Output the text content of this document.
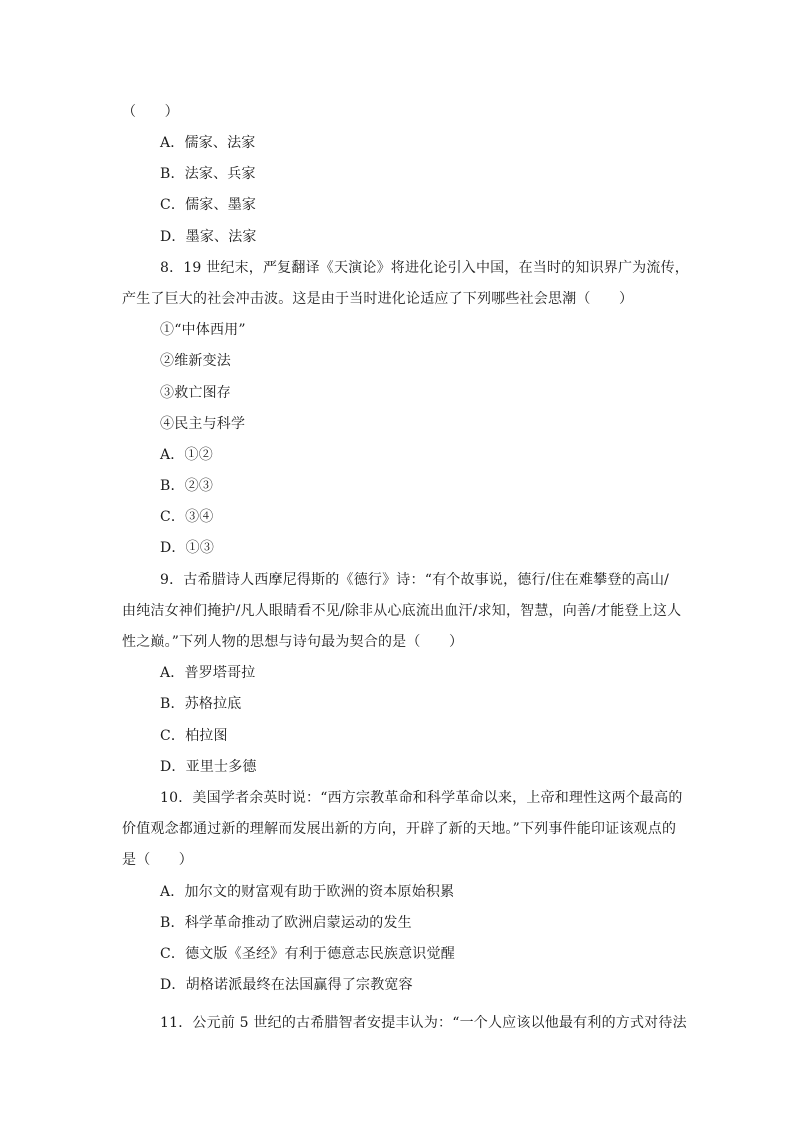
（　　）
A．儒家、法家
B．法家、兵家
C．儒家、墨家
D．墨家、法家
8．19 世纪末，严复翻译《天演论》将进化论引入中国，在当时的知识界广为流传，
产生了巨大的社会冲击波。这是由于当时进化论适应了下列哪些社会思潮（　　）
①“中体西用”
②维新变法
③救亡图存
④民主与科学
A．①②
B．②③
C．③④
D．①③
9．古希腊诗人西摩尼得斯的《德行》诗：“有个故事说，德行/住在难攀登的高山/
由纯洁女神们掩护/凡人眼睛看不见/除非从心底流出血汗/求知，智慧，向善/才能登上这人
性之巅。”下列人物的思想与诗句最为契合的是（　　）
A．普罗塔哥拉
B．苏格拉底
C．柏拉图
D．亚里士多德
10．美国学者余英时说：“西方宗教革命和科学革命以来，上帝和理性这两个最高的
价值观念都通过新的理解而发展出新的方向，开辟了新的天地。”下列事件能印证该观点的
是（　　）
A．加尔文的财富观有助于欧洲的资本原始积累
B．科学革命推动了欧洲启蒙运动的发生
C．德文版《圣经》有利于德意志民族意识觉醒
D．胡格诺派最终在法国赢得了宗教宽容
11．公元前 5 世纪的古希腊智者安提丰认为：“一个人应该以他最有利的方式对待法
